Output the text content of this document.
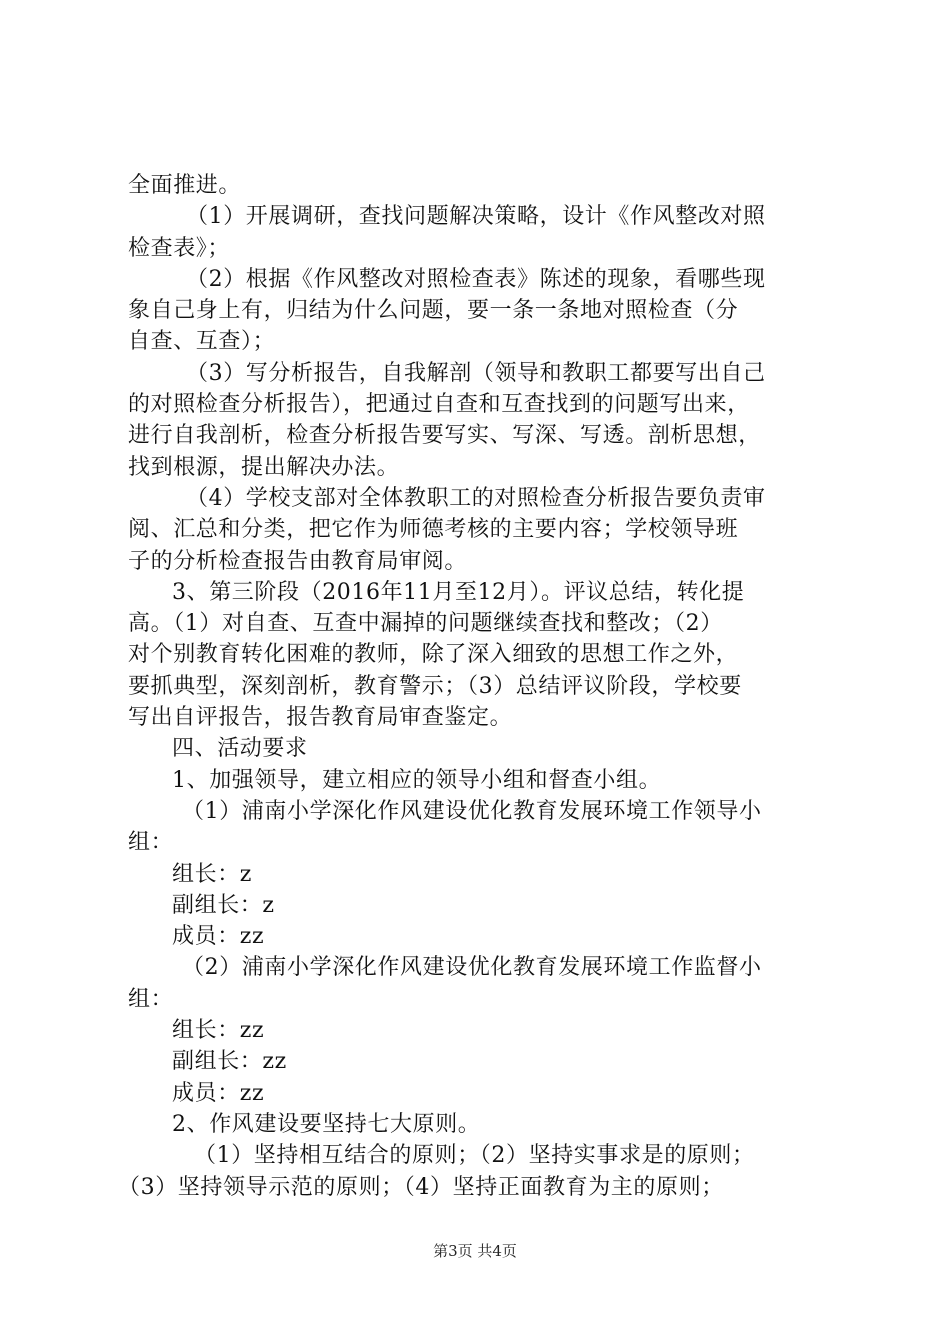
全面推进。
（1）开展调研，查找问题解决策略，设计《作风整改对照
检查表》；
（2）根据《作风整改对照检查表》陈述的现象，看哪些现
象自己身上有，归结为什么问题，要一条一条地对照检查（分
自查、互查）；
（3）写分析报告，自我解剖（领导和教职工都要写出自己
的对照检查分析报告），把通过自查和互查找到的问题写出来，
进行自我剖析，检查分析报告要写实、写深、写透。剖析思想，
找到根源，提出解决办法。
（4）学校支部对全体教职工的对照检查分析报告要负责审
阅、汇总和分类，把它作为师德考核的主要内容；学校领导班
子的分析检查报告由教育局审阅。
3、第三阶段（2016年11月至12月）。评议总结，转化提
高。（1）对自查、互查中漏掉的问题继续查找和整改；（2）
对个别教育转化困难的教师，除了深入细致的思想工作之外，
要抓典型，深刻剖析，教育警示；（3）总结评议阶段，学校要
写出自评报告，报告教育局审查鉴定。
四、活动要求
1、加强领导，建立相应的领导小组和督查小组。
（1）浦南小学深化作风建设优化教育发展环境工作领导小
组：
组长：z
副组长：z
成员：zz
（2）浦南小学深化作风建设优化教育发展环境工作监督小
组：
组长：zz
副组长：zz
成员：zz
2、作风建设要坚持七大原则。
（1）坚持相互结合的原则；（2）坚持实事求是的原则；
（3）坚持领导示范的原则；（4）坚持正面教育为主的原则；
第3页 共4页
